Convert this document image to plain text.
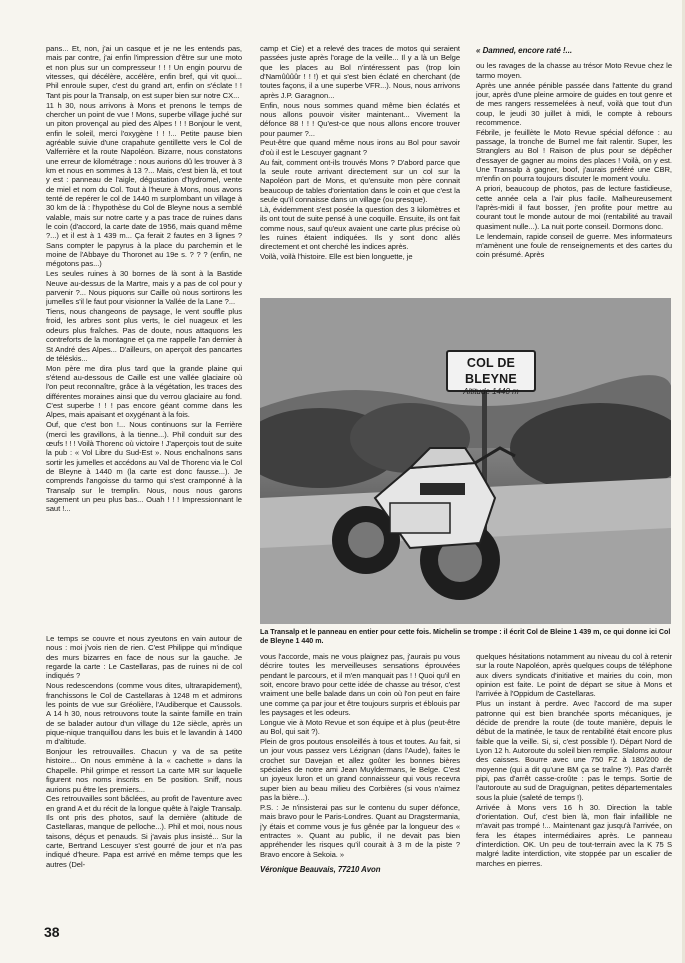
pans... Et, non, j'ai un casque et je ne les entends pas, mais par contre, j'ai enfin l'impression d'être sur une moto et non plus sur un compresseur ! ! ! Un engin pourvu de vitesses, qui décélère, accélère, enfin bref, qui vit quoi... Phil enroule super, c'est du grand art, enfin on s'éclate ! ! Tant pis pour la Transalp, on est super bien sur notre CX...

11 h 30, nous arrivons à Mons et prenons le temps de chercher un point de vue ! Mons, superbe village juché sur un piton provençal au pied des Alpes ! ! ! Bonjour le vent, enfin le soleil, merci l'oxygène ! ! !... Petite pause bien agréable suivie d'une crapahute gentillette vers le Col de Valferrière et la route Napoléon. Bizarre, nous constatons une erreur de kilométrage : nous aurions dû les trouver à 3 km et nous en sommes à 13 ?... Mais, c'est bien là, et tout y est : panneau de l'aigle, dégustation d'hydromel, vente de miel et nom du Col. Tout à l'heure à Mons, nous avons tenté de repérer le col de 1440 m surplombant un village à 30 km de là : l'hypothèse du Col de Bleyne nous a semblé valable, mais sur notre carte y a pas trace de ruines dans le coin (d'accord, la carte date de 1956, mais quand même ?...) et il est à 1 439 m... Ça ferait 2 fautes en 3 lignes ? Sans compter le papyrus à la place du parchemin et le moine de l'Abbaye du Thoronet au 19e s. ? ? ? (enfin, ne mégotons pas...)

Les seules ruines à 30 bornes de là sont à la Bastide Neuve au-dessus de la Martre, mais y a pas de col pour y parvenir ?... Nous piquons sur Caille où nous sortirons les jumelles s'il le faut pour visionner la Vallée de la Lane ?...

Tiens, nous changeons de paysage, le vent souffle plus froid, les arbres sont plus verts, le ciel nuageux et les odeurs plus fraîches. Pas de doute, nous attaquons les contreforts de la montagne et ça me rappelle l'an dernier à St André des Alpes... D'ailleurs, on aperçoit des pancartes de téléskis...

Mon père me dira plus tard que la grande plaine qui s'étend au-dessous de Caille est une vallée glaciaire où l'on peut reconnaître, grâce à la végétation, les traces des différentes moraines ainsi que du verrou glaciaire au fond. C'est superbe ! ! ! pas encore géant comme dans les Alpes, mais apaisant et oxygénant à la fois.

Ouf, que c'est bon !... Nous continuons sur la Ferrière (merci les gravillons, à la tienne...). Phil conduit sur des œufs ! ! ! Voilà Thorenc où victoire ! J'aperçois tout de suite la pub : « Vol Libre du Sud-Est ». Nous enchaînons sans sortir les jumelles et accédons au Val de Thorenc via le Col de Bleyne à 1440 m (la carte est donc fausse...). Je comprends l'angoisse du tarmo qui s'est cramponné à la Transalp sur le tremplin. Nous, nous nous garons sagement un peu plus bas... Ouah ! ! ! Impressionnant le saut !...

Le temps se couvre et nous zyeutons en vain autour de nous : moi j'vois rien de rien. C'est Philippe qui m'indique des murs bizarres en face de nous sur la gauche. Je regarde la carte : Le Castellaras, pas de ruines ni de col indiqués ?

Nous redescendons (comme vous dites, ultrarapidement), franchissons le Col de Castellaras à 1248 m et admirons les points de vue sur Gréolière, l'Audiberque et Caussols. A 14 h 30, nous retrouvons toute la sainte famille en train de se balader autour d'un village du 12e siècle, après un pique-nique tranquillou dans les buis et le lavandin à 1400 m d'altitude.

Bonjour les retrouvailles. Chacun y va de sa petite histoire... On nous emmène à la « cachette » dans la Chapelle. Phil grimpe et ressort La carte MR sur laquelle figurent nos noms inscrits en 5e position. Sniff, nous aurions pu être les premiers...

Ces retrouvailles sont bâclées, au profit de l'aventure avec en grand A et du récit de la longue quête à l'aigle Transalp. Ils ont pris des photos, sauf la dernière (altitude de Castellaras, manque de pelloche...). Phil et moi, nous nous taisons, déçus et penauds. Si j'avais plus insisté... Sur la carte, Bertrand Lescuyer s'est gourré de jour et n'a pas indiqué d'heure. Papa est arrivé en même temps que les autres (Del-

camp et Cie) et a relevé des traces de motos qui seraient passées juste après l'orage de la veille... Il y a là un Belge que les places au Bol n'intéressent pas (trop loin d'Namûûûûr ! ! !) et qui s'est bien éclaté en cherchant (de toutes façons, il a une superbe VFR...). Nous, nous arrivons après J.P. Garagnon...

Enfin, nous nous sommes quand même bien éclatés et nous allons pouvoir visiter maintenant... Vivement la défonce 88 ! ! ! Qu'est-ce que nous allons encore trouver pour paumer ?...

Peut-être que quand même nous irons au Bol pour savoir d'où il est le Lescuyer gagnant ?

Au fait, comment ont-ils trouvés Mons ? D'abord parce que la seule route arrivant directement sur un col sur la Napoléon part de Mons, et qu'ensuite mon père connait beaucoup de tables d'orientation dans le coin et que c'est la seule qu'il connaisse dans un village (ou presque).

Là, évidemment s'est posée la question des 3 kilomètres et ils ont tout de suite pensé à une coquille. Ensuite, ils ont fait comme nous, sauf qu'eux avaient une carte plus précise où les ruines étaient indiquées. Ils y sont donc allés directement et ont cherché les indices après.

Voilà, voilà l'histoire. Elle est bien longuette, je

« Damned, encore raté !...

ou les ravages de la chasse au trésor Moto Revue chez le tarmo moyen.

Après une année pénible passée dans l'attente du grand jour, après d'une pleine armoire de guides en tout genre et de mes rangers ressemelées à neuf, voilà que tout d'un coup, le jeudi 30 juillet à midi, le compte à rebours recommence.

Fébrile, je feuillète le Moto Revue spécial défonce : au passage, la tronche de Burnel me fait ralentir. Super, les Stranglers au Bol ! Raison de plus pour se dépêcher d'essayer de gagner au moins des places ! Voilà, on y est. Une Transalp à gagner, boof, j'aurais préféré une CBR, m'enfin on pourra toujours discuter le moment voulu.

A priori, beaucoup de photos, pas de lecture fastidieuse, cette année cela a l'air plus facile. Malheureusement l'après-midi il faut bosser, j'en profite pour mettre au courant tout le monde autour de moi (rentabilité au travail quasiment nulle...). La nuit porte conseil. Dormons donc.

Le lendemain, rapide conseil de guerre. Mes informateurs m'amènent une foule de renseignements et des cartes du coin présumé. Après

COL DE BLEYNE
Altitude 1440 m
La Transalp et le panneau en entier pour cette fois. Michelin se trompe : il écrit Col de Bleine 1 439 m, ce qui donne ici Col de Bleyne 1 440 m.

vous l'accorde, mais ne vous plaignez pas, j'aurais pu vous décrire toutes les merveilleuses sensations éprouvées pendant le parcours, et il m'en manquait pas ! ! Quoi qu'il en soit, encore bravo pour cette idée de chasse au trésor, c'est vraiment une belle balade dans un coin où l'on peut en faire une comme ça par jour et être toujours surpris et éblouis par les paysages et les odeurs.

Longue vie à Moto Revue et son équipe et à plus (peut-être au Bol, qui sait ?).

Plein de gros poutous ensoleillés à tous et toutes. Au fait, si un jour vous passez vers Lézignan (dans l'Aude), faites le crochet sur Davejan et allez goûter les bonnes bières spéciales de notre ami Jean Muyldermans, le Belge. C'est un joyeux luron et un grand connaisseur qui vous recevra super bien au beau milieu des Corbières (si vous n'aimez pas la bière...).

P.S. : Je n'insisterai pas sur le contenu du super défonce, mais bravo pour le Paris-Londres. Quant au Dragstermania, j'y étais et comme vous je fus gênée par la longueur des « entractes ». Quant au public, il ne devait pas bien appréhender les risques qu'il courait à 3 m de la piste ? Bravo encore à Sekoia. »

Véronique Beauvais, 77210 Avon

quelques hésitations notamment au niveau du col à retenir sur la route Napoléon, après quelques coups de téléphone aux divers syndicats d'initiative et mairies du coin, mon opinion est faite. Le point de départ se situe à Mons et l'arrivée à l'Oppidum de Castellaras.

Plus un instant à perdre. Avec l'accord de ma super patronne qui est bien branchée sports mécaniques, je décide de prendre la route (de toute manière, depuis le début de la matinée, le taux de rentabilité était encore plus faible que la veille. Si, si, c'est possible !). Départ Nord de Lyon 12 h. Autoroute du soleil bien remplie. Slaloms autour des caisses. Bourre avec une 750 FZ à 180/200 de moyenne (qui a dit qu'une BM ça se traîne ?). Pas d'arrêt pipi, pas d'arrêt casse-croûte : pas le temps. Sortie de l'autoroute au sud de Draguignan, petites départementales sous la pluie (saleté de temps !).

Arrivée à Mons vers 16 h 30. Direction la table d'orientation. Ouf, c'est bien là, mon flair infaillible ne m'avait pas trompé !... Maintenant gaz jusqu'à l'arrivée, on fera les étapes intermédiaires après. Le panneau d'interdiction. OK. Un peu de tout-terrain avec la K 75 S malgré ladite interdiction, vite stoppée par un escalier de marches en pierres.

38
